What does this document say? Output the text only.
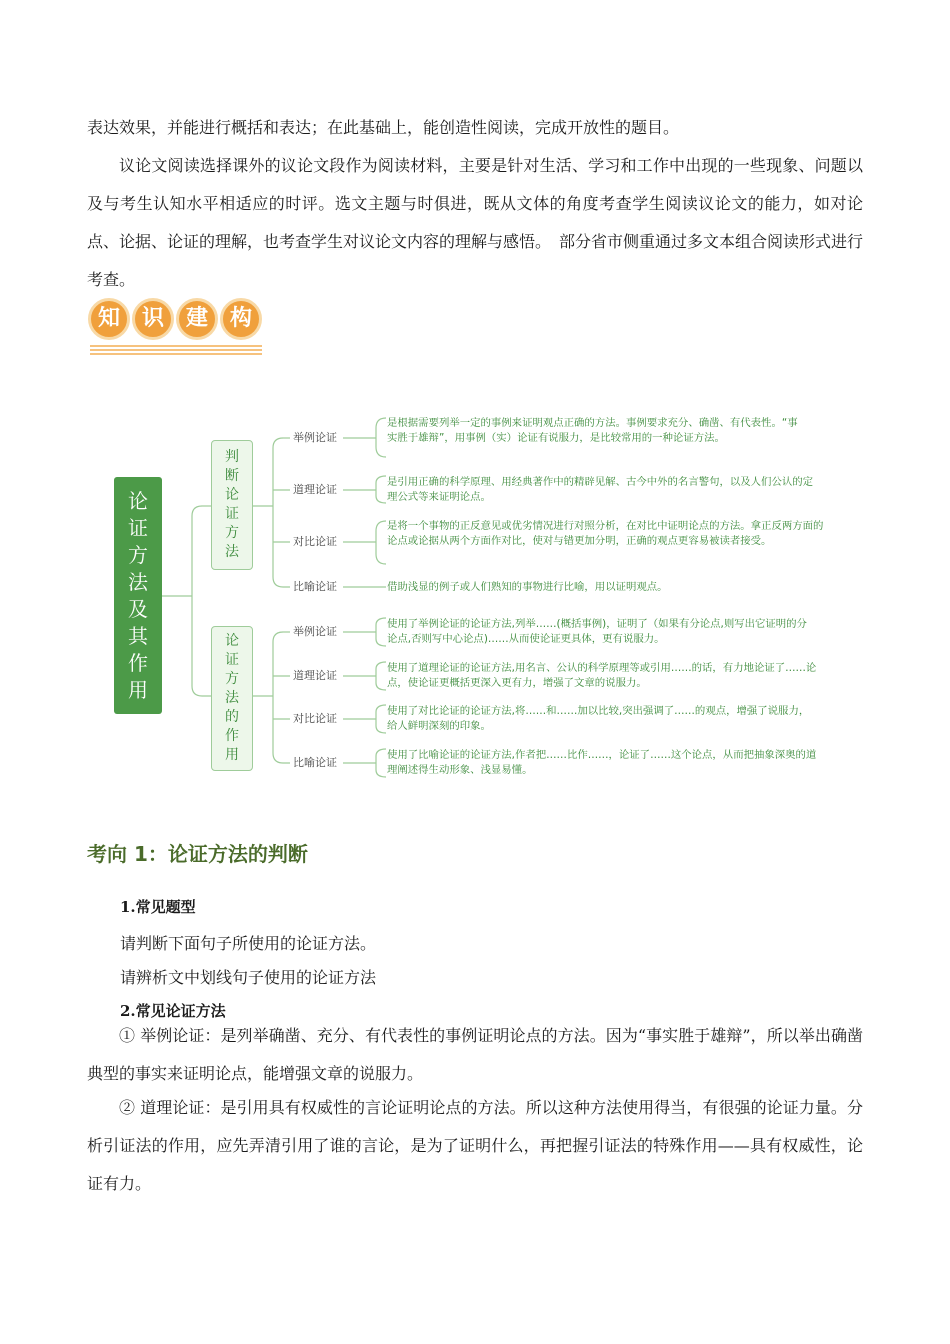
表达效果，并能进行概括和表达；在此基础上，能创造性阅读，完成开放性的题目。

议论文阅读选择课外的议论文段作为阅读材料，主要是针对生活、学习和工作中出现的一些现象、问题以及与考生认知水平相适应的时评。选文主题与时俱进，既从文体的角度考查学生阅读议论文的能力，如对论点、论据、论证的理解，也考查学生对议论文内容的理解与感悟。　部分省市侧重通过多文本组合阅读形式进行考查。

知 识 建 构
论
证
方
法
及
其
作
用
判
断
论
证
方
法
论
证
方
法
的
作
用
举例论证
是根据需要列举一定的事例来证明观点正确的方法。事例要求充分、确凿、有代表性。“事实胜于雄辩”，用事例（实）论证有说服力，是比较常用的一种论证方法。
道理论证
是引用正确的科学原理、用经典著作中的精辟见解、古今中外的名言警句，以及人们公认的定理公式等来证明论点。
对比论证
是将一个事物的正反意见或优劣情况进行对照分析，在对比中证明论点的方法。拿正反两方面的论点或论据从两个方面作对比，使对与错更加分明，正确的观点更容易被读者接受。
比喻论证	借助浅显的例子或人们熟知的事物进行比喻，用以证明观点。
举例论证
使用了举例论证的论证方法,列举……(概括事例)，证明了（如果有分论点,则写出它证明的分论点,否则写中心论点)……从而使论证更具体，更有说服力。
道理论证
使用了道理论证的论证方法,用名言、公认的科学原理等或引用……的话，有力地论证了……论点，使论证更概括更深入更有力，增强了文章的说服力。
对比论证
使用了对比论证的论证方法,将……和……加以比较,突出强调了……的观点，增强了说服力，给人鲜明深刻的印象。
比喻论证
使用了比喻论证的论证方法,作者把……比作……，论证了……这个论点，从而把抽象深奥的道理阐述得生动形象、浅显易懂。
考向 1：论证方法的判断

1.常见题型

请判断下面句子所使用的论证方法。

请辨析文中划线句子使用的论证方法

2.常见论证方法

① 举例论证：是列举确凿、充分、有代表性的事例证明论点的方法。因为“事实胜于雄辩”，所以举出确凿典型的事实来证明论点，能增强文章的说服力。

② 道理论证：是引用具有权威性的言论证明论点的方法。所以这种方法使用得当，有很强的论证力量。分析引证法的作用，应先弄清引用了谁的言论，是为了证明什么，再把握引证法的特殊作用——具有权威性，论证有力。
